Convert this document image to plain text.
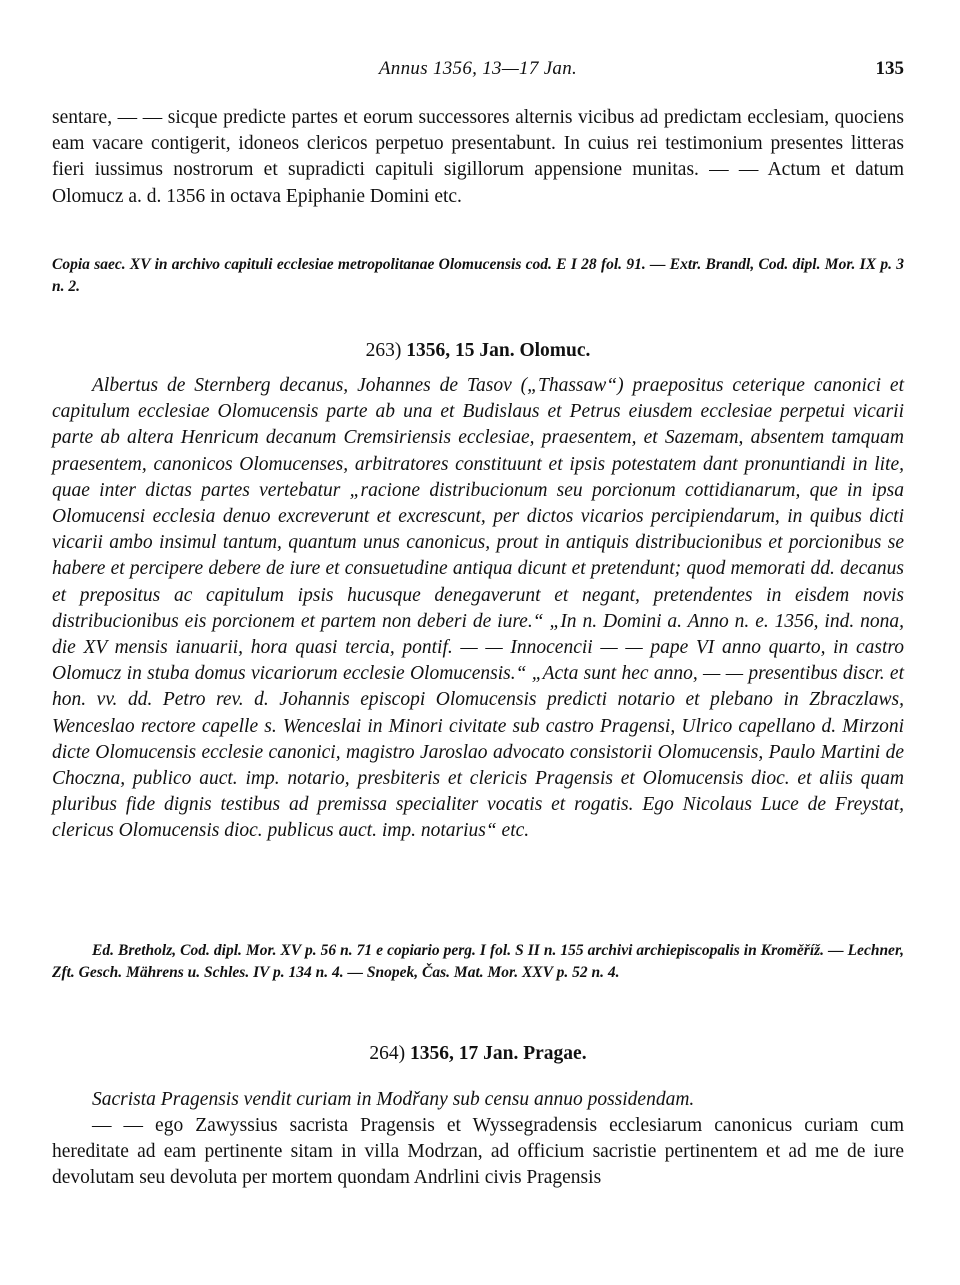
Annus 1356, 13—17 Jan.	135

sentare, — — sicque predicte partes et eorum successores alternis vicibus ad predictam ecclesiam, quociens eam vacare contigerit, idoneos clericos perpetuo presentabunt. In cuius rei testimonium presentes litteras fieri iussimus nostrorum et supradicti capituli sigillorum appensione munitas. — — Actum et datum Olomucz a. d. 1356 in octava Epiphanie Domini etc.

Copia saec. XV in archivo capituli ecclesiae metropolitanae Olomucensis cod. E I 28 fol. 91. — Extr. Brandl, Cod. dipl. Mor. IX p. 3 n. 2.

263) 1356, 15 Jan. Olomuc.

Albertus de Sternberg decanus, Johannes de Tasov („Thassaw“) praepositus ceterique canonici et capitulum ecclesiae Olomucensis parte ab una et Budislaus et Petrus eiusdem ecclesiae perpetui vicarii parte ab altera Henricum decanum Cremsiriensis ecclesiae, praesentem, et Sazemam, absentem tamquam praesentem, canonicos Olomucenses, arbitratores constituunt et ipsis potestatem dant pronuntiandi in lite, quae inter dictas partes vertebatur „racione distribucionum seu porcionum cottidianarum, que in ipsa Olomucensi ecclesia denuo excreverunt et excrescunt, per dictos vicarios percipiendarum, in quibus dicti vicarii ambo insimul tantum, quantum unus canonicus, prout in antiquis distribucionibus et porcionibus se habere et percipere debere de iure et consuetudine antiqua dicunt et pretendunt; quod memorati dd. decanus et prepositus ac capitulum ipsis hucusque denegaverunt et negant, pretendentes in eisdem novis distribucionibus eis porcionem et partem non deberi de iure.“ „In n. Domini a. Anno n. e. 1356, ind. nona, die XV mensis ianuarii, hora quasi tercia, pontif. — — Innocencii — — pape VI anno quarto, in castro Olomucz in stuba domus vicariorum ecclesie Olomucensis.“ „Acta sunt hec anno, — — presentibus discr. et hon. vv. dd. Petro rev. d. Johannis episcopi Olomucensis predicti notario et plebano in Zbraczlaws, Wenceslao rectore capelle s. Wenceslai in Minori civitate sub castro Pragensi, Ulrico capellano d. Mirzoni dicte Olomucensis ecclesie canonici, magistro Jaroslao advocato consistorii Olomucensis, Paulo Martini de Choczna, publico auct. imp. notario, presbiteris et clericis Pragensis et Olomucensis dioc. et aliis quam pluribus fide dignis testibus ad premissa specialiter vocatis et rogatis. Ego Nicolaus Luce de Freystat, clericus Olomucensis dioc. publicus auct. imp. notarius“ etc.

Ed. Bretholz, Cod. dipl. Mor. XV p. 56 n. 71 e copiario perg. I fol. S II n. 155 archivi archiepiscopalis in Kroměříž. — Lechner, Zft. Gesch. Mährens u. Schles. IV p. 134 n. 4. — Snopek, Čas. Mat. Mor. XXV p. 52 n. 4.

264) 1356, 17 Jan. Pragae.

Sacrista Pragensis vendit curiam in Modřany sub censu annuo possidendam.

— — ego Zawyssius sacrista Pragensis et Wyssegradensis ecclesiarum canonicus curiam cum hereditate ad eam pertinente sitam in villa Modrzan, ad officium sacristie pertinentem et ad me de iure devolutam seu devoluta per mortem quondam Andrlini civis Pragensis
